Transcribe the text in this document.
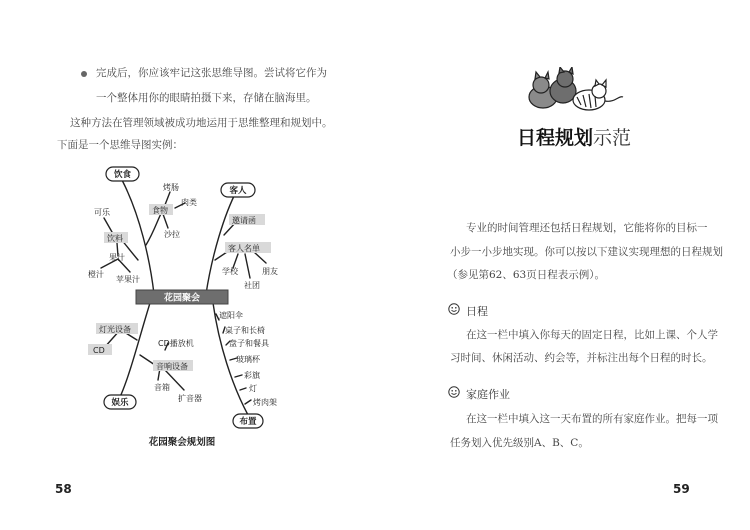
完成后，你应该牢记这张思维导图。尝试将它作为

一个整体用你的眼睛拍摄下来，存储在脑海里。

这种方法在管理领域被成功地运用于思维整理和规划中。

下面是一个思维导图实例：

饮食
客人
娱乐
布置
花园聚会
烤肠
食物
肉类
沙拉
可乐
饮料
果汁
橙汁
苹果汁
邀请函
客人名单
学校
社团
朋友
灯光设备
CD
CD播放机
音响设备
音箱
扩音器
遮阳伞
桌子和长椅
盘子和餐具
玻璃杯
彩旗
灯
烤肉架
花园聚会规划图
58
日程规划示范

专业的时间管理还包括日程规划，它能将你的目标一

小步一小步地实现。你可以按以下建议实现理想的日程规划

（参见第62、63页日程表示例）。

日程

在这一栏中填入你每天的固定日程，比如上课、个人学

习时间、休闲活动、约会等，并标注出每个日程的时长。

家庭作业

在这一栏中填入这一天布置的所有家庭作业。把每一项

任务划入优先级别A、B、C。

59
